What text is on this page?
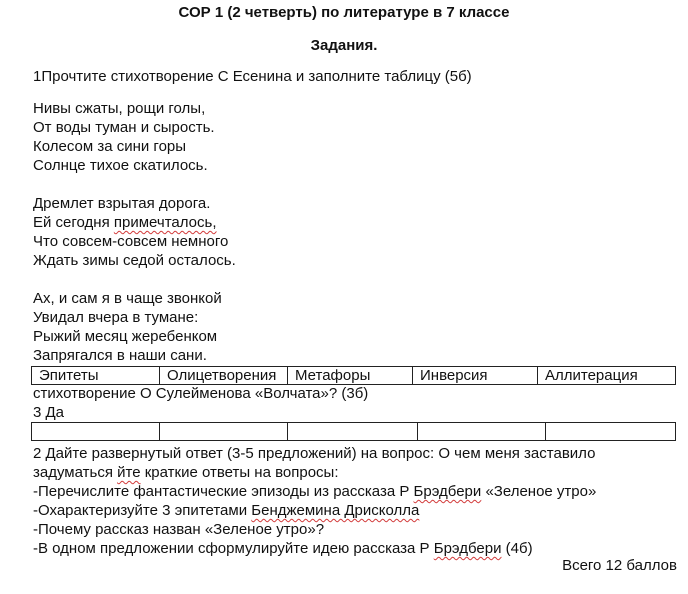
СОР 1 (2 четверть) по литературе в 7 классе
Задания.
1Прочтите стихотворение С Есенина и заполните таблицу (5б)
Нивы сжаты, рощи голы,
От воды туман и сырость.
Колесом за сини горы
Солнце тихое скатилось.
Дремлет взрытая дорога.
Ей сегодня примечталось,
Что совсем-совсем немного
Ждать зимы седой осталось.
Ах, и сам я в чаще звонкой
Увидал вчера в тумане:
Рыжий месяц жеребенком
Запрягался в наши сани.
Эпитеты	Олицетворения	Метафоры	Инверсия	Аллитерация
стихотворение О Сулейменова «Волчата»? (3б)
3 Да

2 Дайте развернутый ответ (3-5 предложений) на вопрос: О чем меня заставило
задуматься йте краткие ответы на вопросы:
-Перечислите фантастические эпизоды из рассказа Р Брэдбери «Зеленое утро»
-Охарактеризуйте 3 эпитетами Бенджемина Дрисколла
-Почему рассказ назван «Зеленое утро»?
-В одном предложении сформулируйте идею рассказа Р Брэдбери (4б)
Всего 12 баллов
